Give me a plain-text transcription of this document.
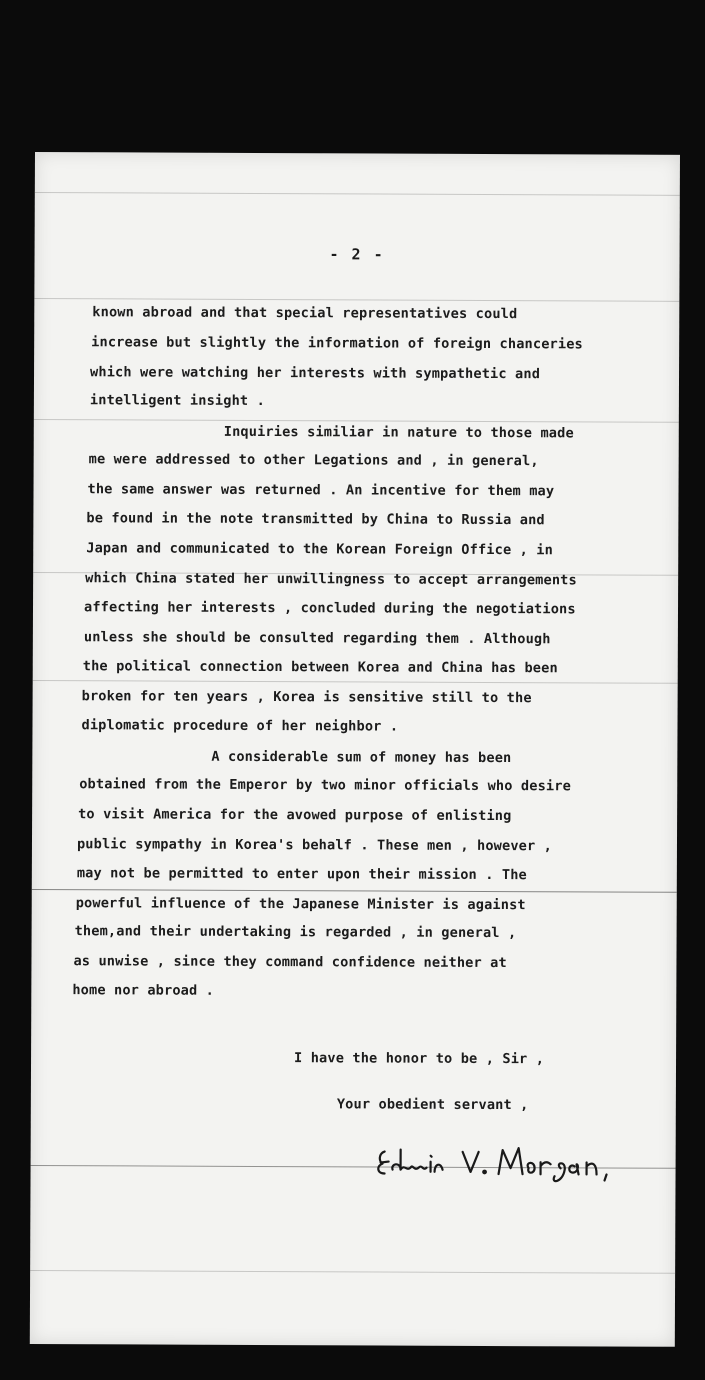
- 2 -
known abroad and that special representatives could
increase but slightly the information of foreign chanceries
which were watching her interests with sympathetic and
intelligent insight .
Inquiries similiar in nature to those made
me were addressed to other Legations and , in general,
the same answer was returned . An incentive for them may
be found in the note transmitted by China to Russia and
Japan and communicated to the Korean Foreign Office , in
which China stated her unwillingness to accept arrangements
affecting her interests , concluded during the negotiations
unless she should be consulted regarding them . Although
the political connection between Korea and China has been
broken for ten years , Korea is sensitive still to the
diplomatic procedure of her neighbor .
A considerable sum of money has been
obtained from the Emperor by two minor officials who desire
to visit America for the avowed purpose of enlisting
public sympathy in Korea's behalf . These men , however ,
may not be permitted to enter upon their mission . The
powerful influence of the Japanese Minister is against
them,and their undertaking is regarded , in general ,
as unwise , since they command confidence neither at
home nor abroad .
I have the honor to be , Sir ,
Your obedient servant ,
